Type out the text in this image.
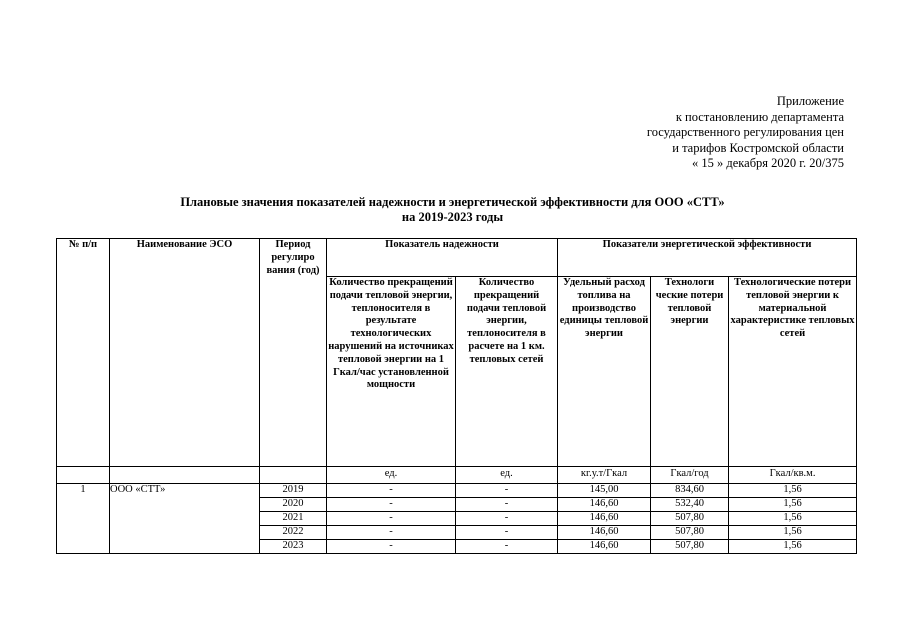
Приложение
к постановлению департамента
государственного регулирования цен
и тарифов Костромской области
« 15 » декабря 2020 г. 20/375
Плановые значения показателей надежности и энергетической эффективности для ООО «СТТ»
на 2019-2023 годы
№ п/п	Наименование ЭСО	Период регулиро вания (год)	Показатель надежности		Показатели энергетической эффективности		
			Количество прекращений подачи тепловой энергии, теплоносителя в результате технологических нарушений на источниках тепловой энергии на 1 Гкал/час установленной мощности	Количество прекращений подачи тепловой энергии, теплоносителя в расчете на 1 км. тепловых сетей	Удельный расход топлива на производство единицы тепловой энергии	Технологи ческие потери тепловой энергии	Технологические потери тепловой энергии к материальной характеристике тепловых сетей
			ед.	ед.	кг.у.т/Гкал	Гкал/год	Гкал/кв.м.
1	ООО «СТТ»	2019	-	-	145,00	834,60	1,56
		2020	-	-	146,60	532,40	1,56
		2021	-	-	146,60	507,80	1,56
		2022	-	-	146,60	507,80	1,56
		2023	-	-	146,60	507,80	1,56
